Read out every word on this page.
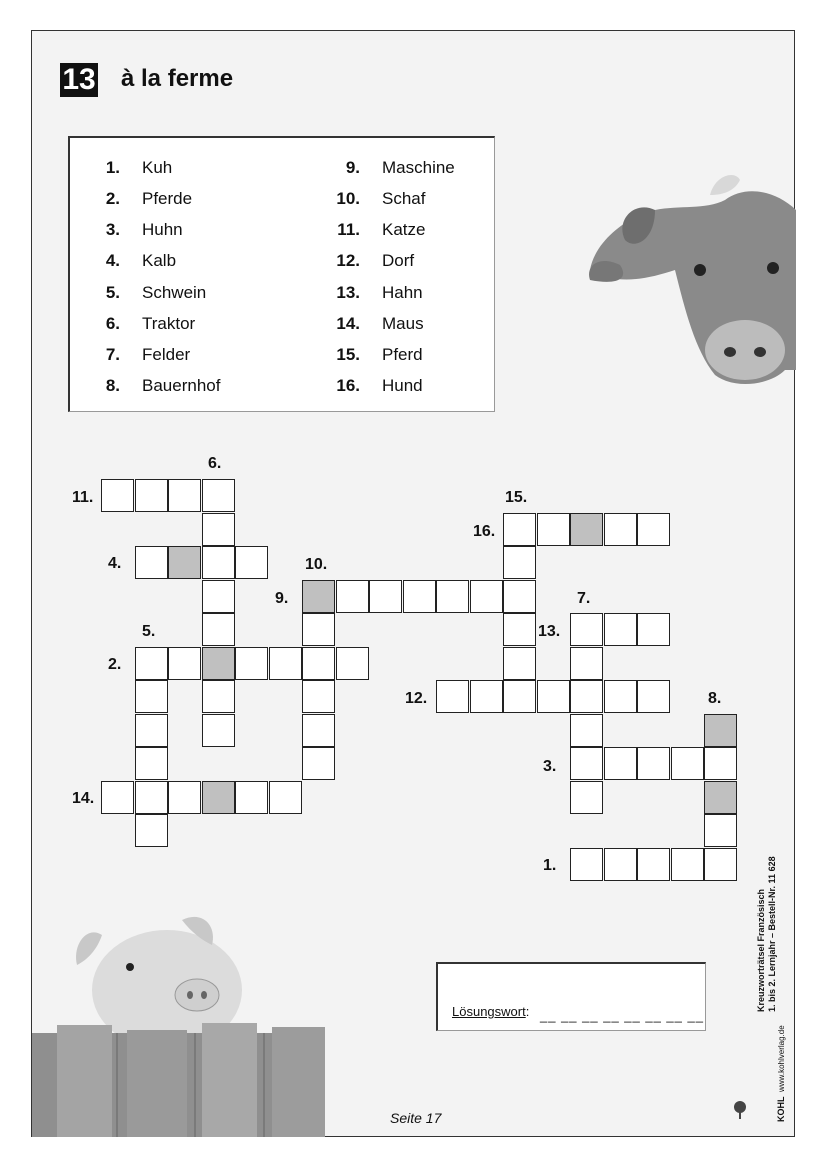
13 à la ferme
1. Kuh
2. Pferde
3. Huhn
4. Kalb
5. Schwein
6. Traktor
7. Felder
8. Bauernhof
9. Maschine
10. Schaf
11. Katze
12. Dorf
13. Hahn
14. Maus
15. Pferd
16. Hund
6.
11.	15.
16.
4.	10.
9.	7.
5.	13.
2.
12.	8.
3.
14.
1.
Lösungswort: __ __ __ __ __ __ __ __
Seite 17
Kreuzworträtsel Französisch 1. bis 2. Lernjahr – Bestell-Nr. 11 628
KOHL  www.kohlverlag.de
